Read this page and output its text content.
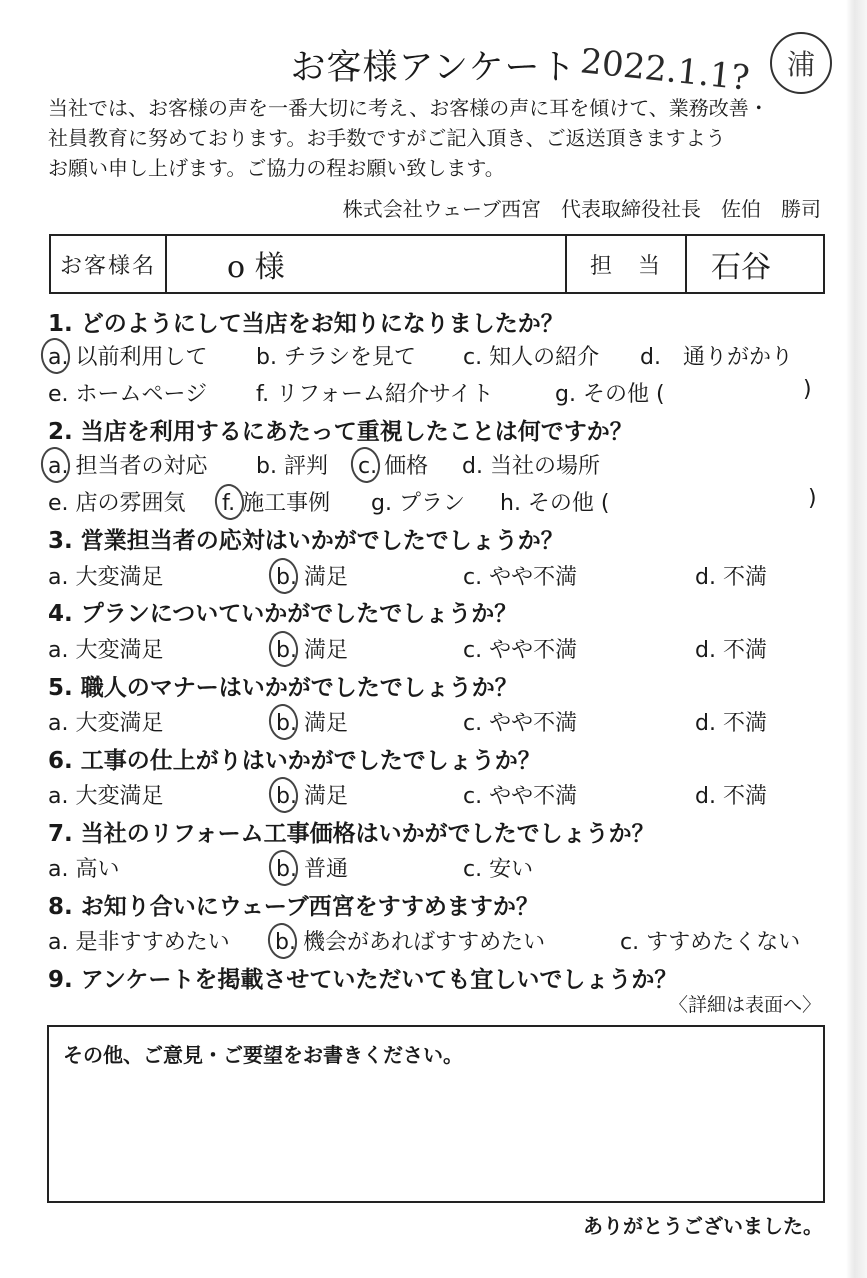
お客様アンケート 2022.1.1?	浦
当社では、お客様の声を一番大切に考え、お客様の声に耳を傾けて、業務改善・
社員教育に努めております。お手数ですがご記入頂き、ご返送頂きますよう
お願い申し上げます。ご協力の程お願い致します。
株式会社ウェーブ西宮　代表取締役社長　佐伯　勝司
お客様名	o 様	担　当	石谷
1. どのようにして当店をお知りになりましたか？
a. 以前利用して b. チラシを見て c. 知人の紹介 d.　通りがかり
e. ホームページ f. リフォーム紹介サイト	g. その他 (	)
2. 当店を利用するにあたって重視したことは何ですか？
a. 担当者の対応 b. 評判 c. 価格 d. 当社の場所
e. 店の雰囲気 f. 施工事例 g. プラン h. その他 (	)
3. 営業担当者の応対はいかがでしたでしょうか？
a. 大変満足	b. 満足	c. やや不満	d. 不満
4. プランについていかがでしたでしょうか？
a. 大変満足	b. 満足	c. やや不満	d. 不満
5. 職人のマナーはいかがでしたでしょうか？
a. 大変満足	b. 満足	c. やや不満	d. 不満
6. 工事の仕上がりはいかがでしたでしょうか？
a. 大変満足	b. 満足	c. やや不満	d. 不満
7. 当社のリフォーム工事価格はいかがでしたでしょうか？
a. 高い	b. 普通	c. 安い
8. お知り合いにウェーブ西宮をすすめますか？
a. 是非すすめたい b. 機会があればすすめたい	c. すすめたくない
9. アンケートを掲載させていただいても宜しいでしょうか？
〈詳細は表面へ〉
その他、ご意見・ご要望をお書きください。
ありがとうございました。
